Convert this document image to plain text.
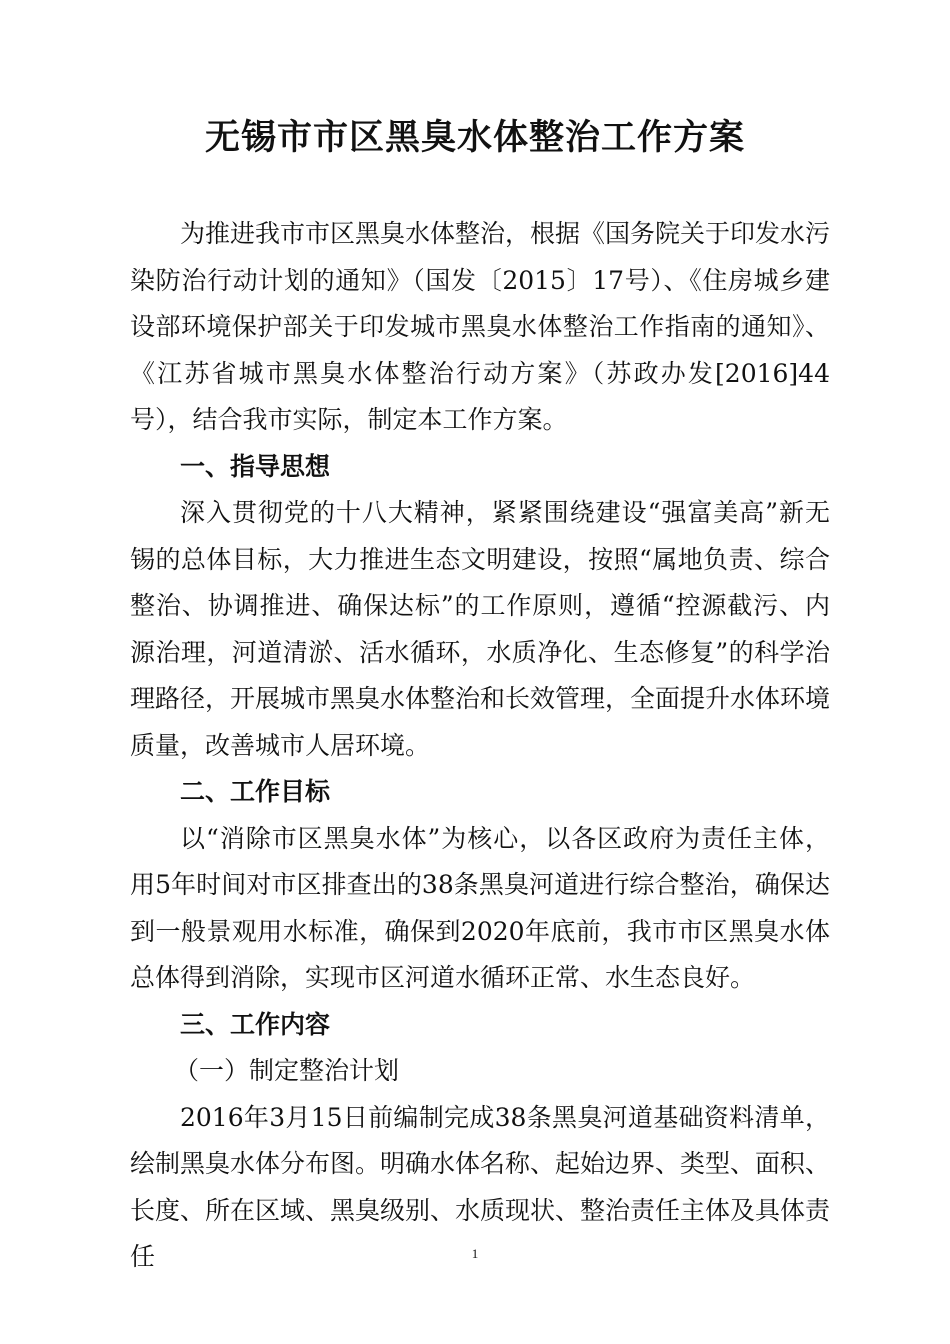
无锡市市区黑臭水体整治工作方案

为推进我市市区黑臭水体整治，根据《国务院关于印发水污染防治行动计划的通知》（国发〔2015〕17号）、《住房城乡建设部环境保护部关于印发城市黑臭水体整治工作指南的通知》、《江苏省城市黑臭水体整治行动方案》（苏政办发[2016]44号），结合我市实际，制定本工作方案。

一、指导思想

深入贯彻党的十八大精神，紧紧围绕建设“强富美高”新无锡的总体目标，大力推进生态文明建设，按照“属地负责、综合整治、协调推进、确保达标”的工作原则，遵循“控源截污、内源治理，河道清淤、活水循环，水质净化、生态修复”的科学治理路径，开展城市黑臭水体整治和长效管理，全面提升水体环境质量，改善城市人居环境。

二、工作目标

以“消除市区黑臭水体”为核心，以各区政府为责任主体，用5年时间对市区排查出的38条黑臭河道进行综合整治，确保达到一般景观用水标准，确保到2020年底前，我市市区黑臭水体总体得到消除，实现市区河道水循环正常、水生态良好。

三、工作内容

（一）制定整治计划

2016年3月15日前编制完成38条黑臭河道基础资料清单，绘制黑臭水体分布图。明确水体名称、起始边界、类型、面积、长度、所在区域、黑臭级别、水质现状、整治责任主体及具体责任	1
